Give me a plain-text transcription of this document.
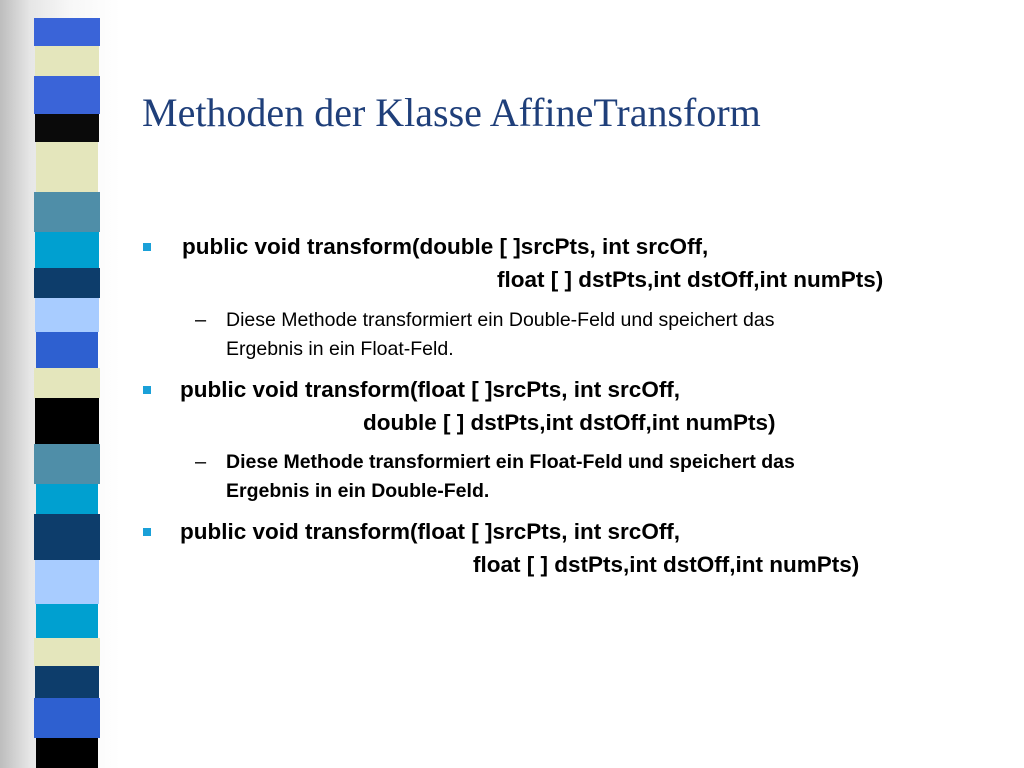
Methoden der Klasse AffineTransform

public void transform(double [ ]srcPts, int srcOff,

float [ ] dstPts,int dstOff,int numPts)

– Diese Methode transformiert ein Double-Feld und speichert das

Ergebnis in ein Float-Feld.

public void transform(float [ ]srcPts, int srcOff,

double [ ] dstPts,int dstOff,int numPts)

– Diese Methode transformiert ein Float-Feld und speichert das

Ergebnis in ein Double-Feld.

public void transform(float [ ]srcPts, int srcOff,

float [ ] dstPts,int dstOff,int numPts)
